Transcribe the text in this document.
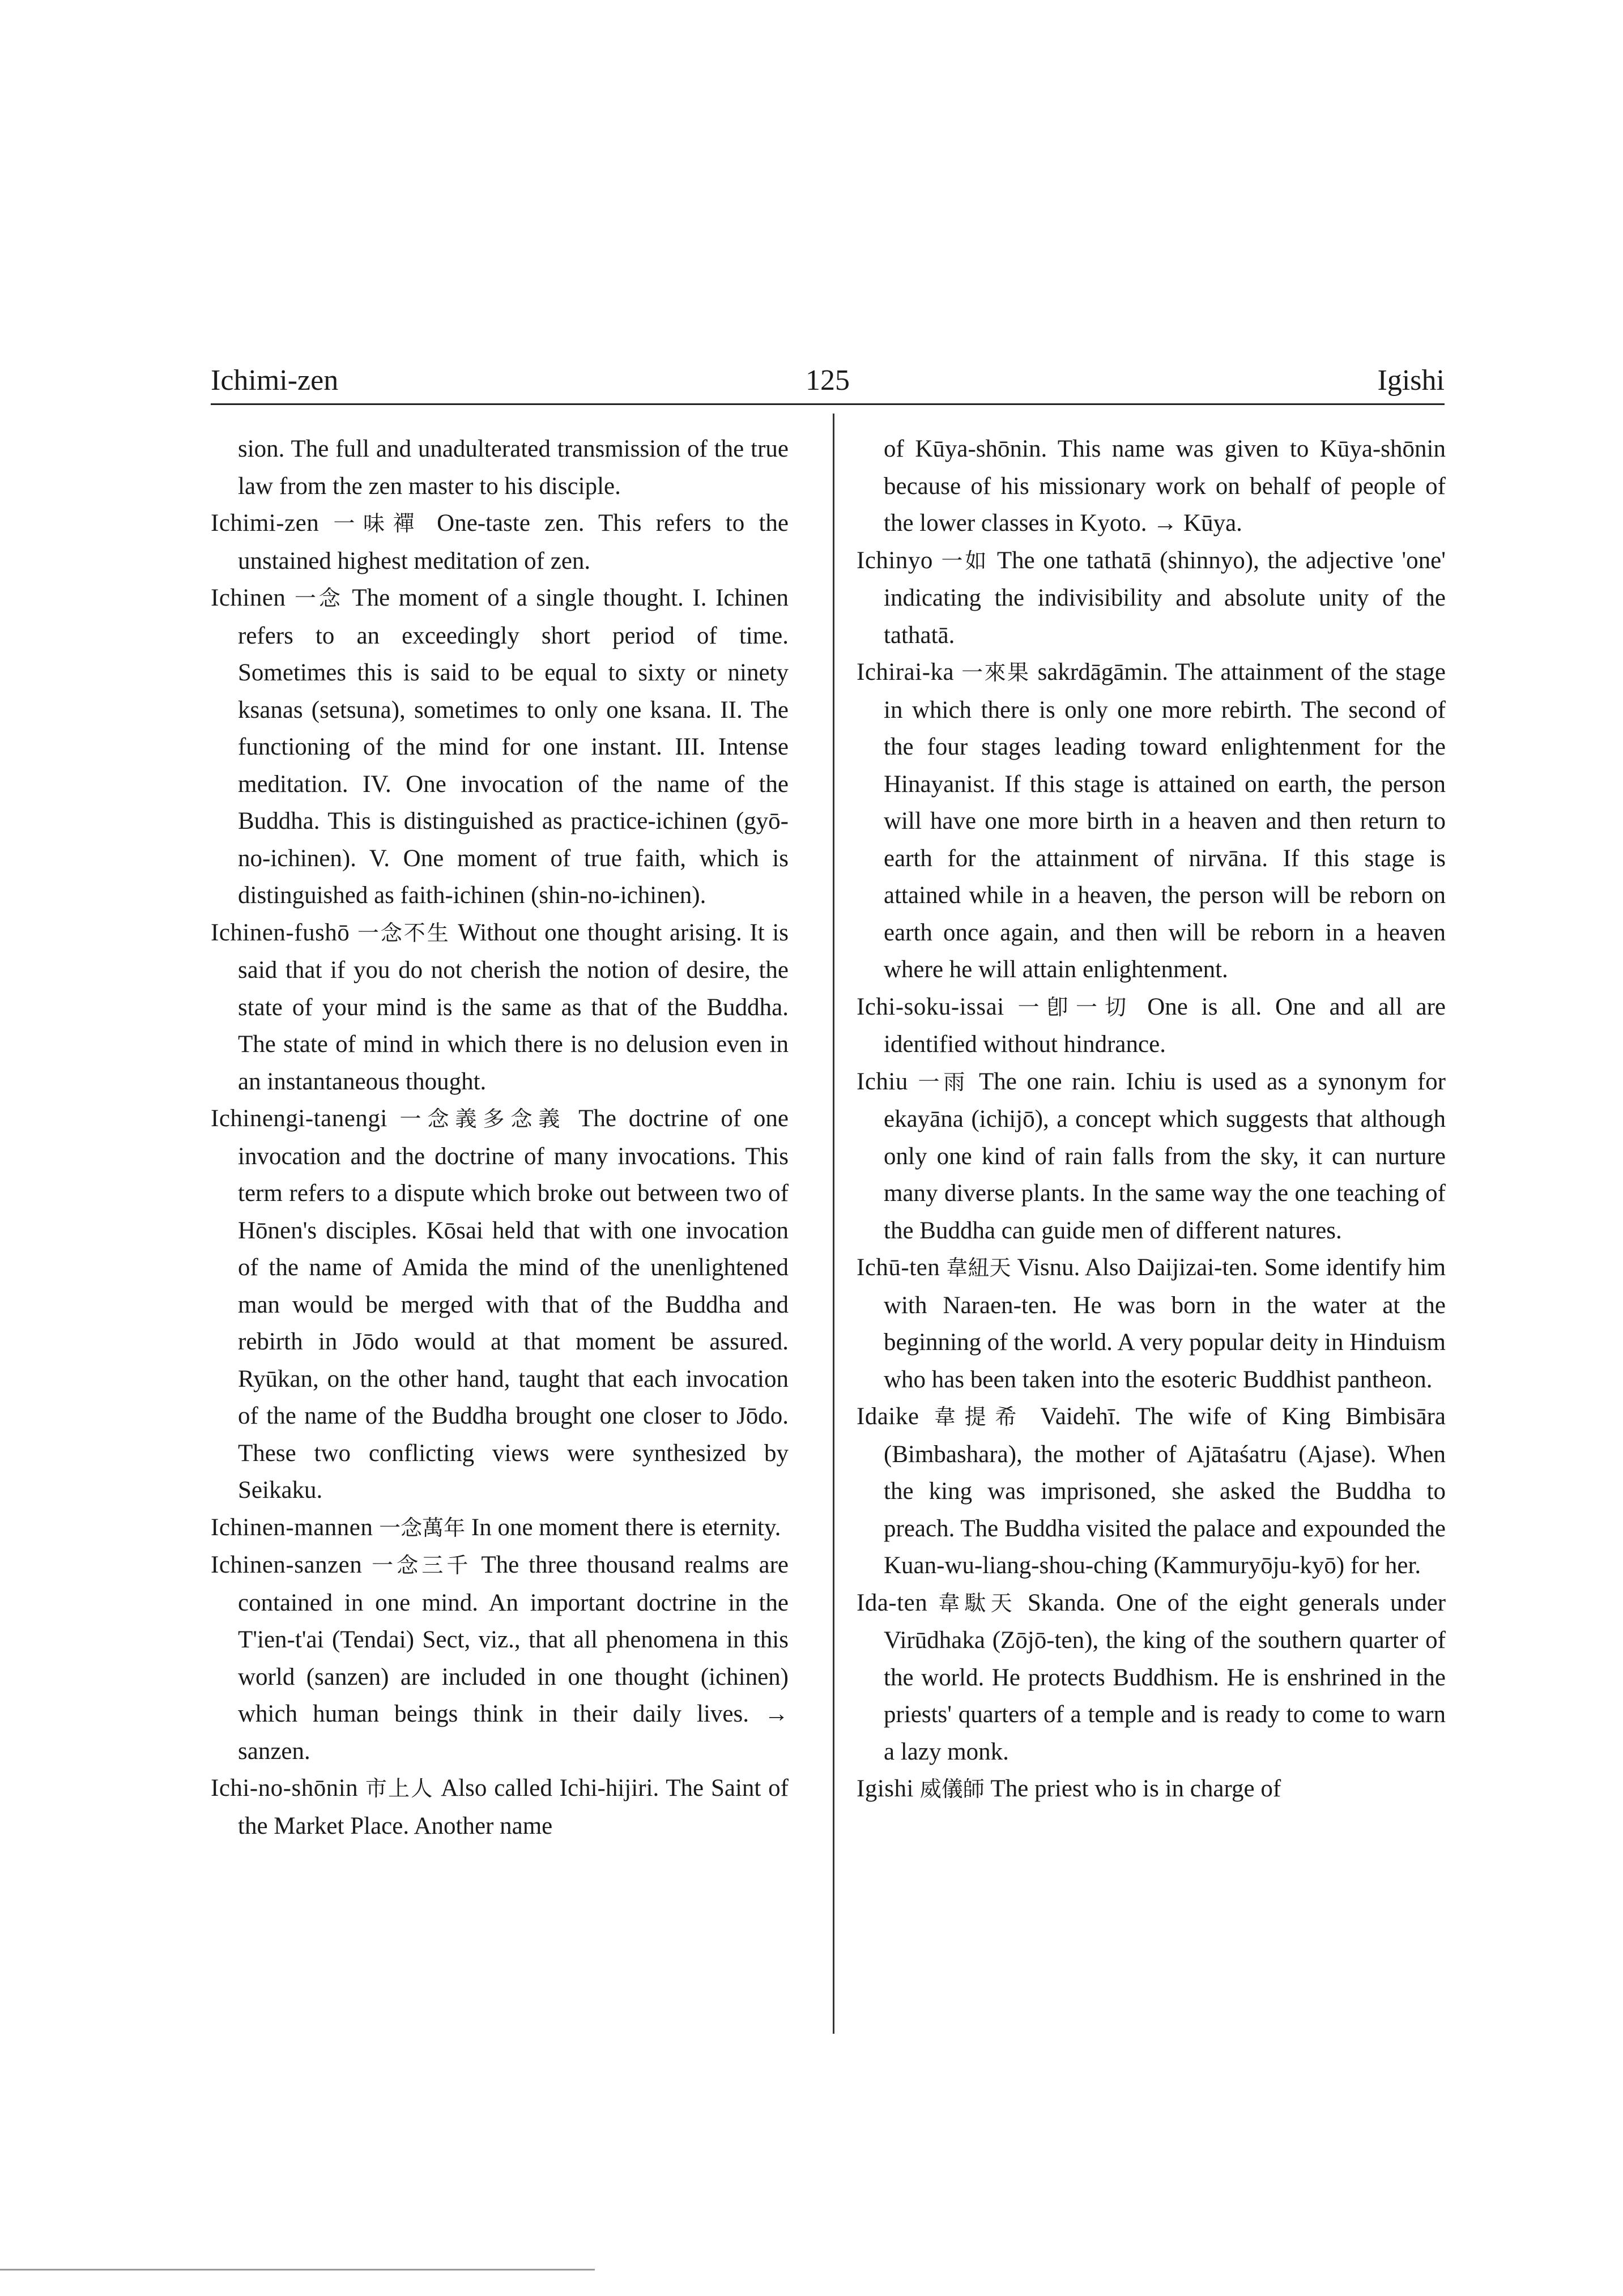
Ichimi-zen	125	Igishi

sion. The full and unadulterated transmission of the true law from the zen master to his disciple.

Ichimi-zen 一味禪 One-taste zen. This refers to the unstained highest meditation of zen.

Ichinen 一念 The moment of a single thought. I. Ichinen refers to an exceedingly short period of time. Sometimes this is said to be equal to sixty or ninety ksanas (setsuna), sometimes to only one ksana. II. The functioning of the mind for one instant. III. Intense meditation. IV. One invocation of the name of the Buddha. This is distinguished as practice-ichinen (gyō-no-ichinen). V. One moment of true faith, which is distinguished as faith-ichinen (shin-no-ichinen).

Ichinen-fushō 一念不生 Without one thought arising. It is said that if you do not cherish the notion of desire, the state of your mind is the same as that of the Buddha. The state of mind in which there is no delusion even in an instantaneous thought.

Ichinengi-tanengi 一念義多念義 The doctrine of one invocation and the doctrine of many invocations. This term refers to a dispute which broke out between two of Hōnen's disciples. Kōsai held that with one invocation of the name of Amida the mind of the unenlightened man would be merged with that of the Buddha and rebirth in Jōdo would at that moment be assured. Ryūkan, on the other hand, taught that each invocation of the name of the Buddha brought one closer to Jōdo. These two conflicting views were synthesized by Seikaku.

Ichinen-mannen 一念萬年 In one moment there is eternity.

Ichinen-sanzen 一念三千 The three thousand realms are contained in one mind. An important doctrine in the T'ien-t'ai (Tendai) Sect, viz., that all phenomena in this world (sanzen) are included in one thought (ichinen) which human beings think in their daily lives. → sanzen.

Ichi-no-shōnin 市上人 Also called Ichi-hijiri. The Saint of the Market Place. Another name

of Kūya-shōnin. This name was given to Kūya-shōnin because of his missionary work on behalf of people of the lower classes in Kyoto. → Kūya.

Ichinyo 一如 The one tathatā (shinnyo), the adjective 'one' indicating the indivisibility and absolute unity of the tathatā.

Ichirai-ka 一來果 sakrdāgāmin. The attainment of the stage in which there is only one more rebirth. The second of the four stages leading toward enlightenment for the Hinayanist. If this stage is attained on earth, the person will have one more birth in a heaven and then return to earth for the attainment of nirvāna. If this stage is attained while in a heaven, the person will be reborn on earth once again, and then will be reborn in a heaven where he will attain enlightenment.

Ichi-soku-issai 一卽一切 One is all. One and all are identified without hindrance.

Ichiu 一雨 The one rain. Ichiu is used as a synonym for ekayāna (ichijō), a concept which suggests that although only one kind of rain falls from the sky, it can nurture many diverse plants. In the same way the one teaching of the Buddha can guide men of different natures.

Ichū-ten 韋紐天 Visnu. Also Daijizai-ten. Some identify him with Naraen-ten. He was born in the water at the beginning of the world. A very popular deity in Hinduism who has been taken into the esoteric Buddhist pantheon.

Idaike 韋提希 Vaidehī. The wife of King Bimbisāra (Bimbashara), the mother of Ajātaśatru (Ajase). When the king was imprisoned, she asked the Buddha to preach. The Buddha visited the palace and expounded the Kuan-wu-liang-shou-ching (Kammuryōju-kyō) for her.

Ida-ten 韋駄天 Skanda. One of the eight generals under Virūdhaka (Zōjō-ten), the king of the southern quarter of the world. He protects Buddhism. He is enshrined in the priests' quarters of a temple and is ready to come to warn a lazy monk.

Igishi 威儀師 The priest who is in charge of
